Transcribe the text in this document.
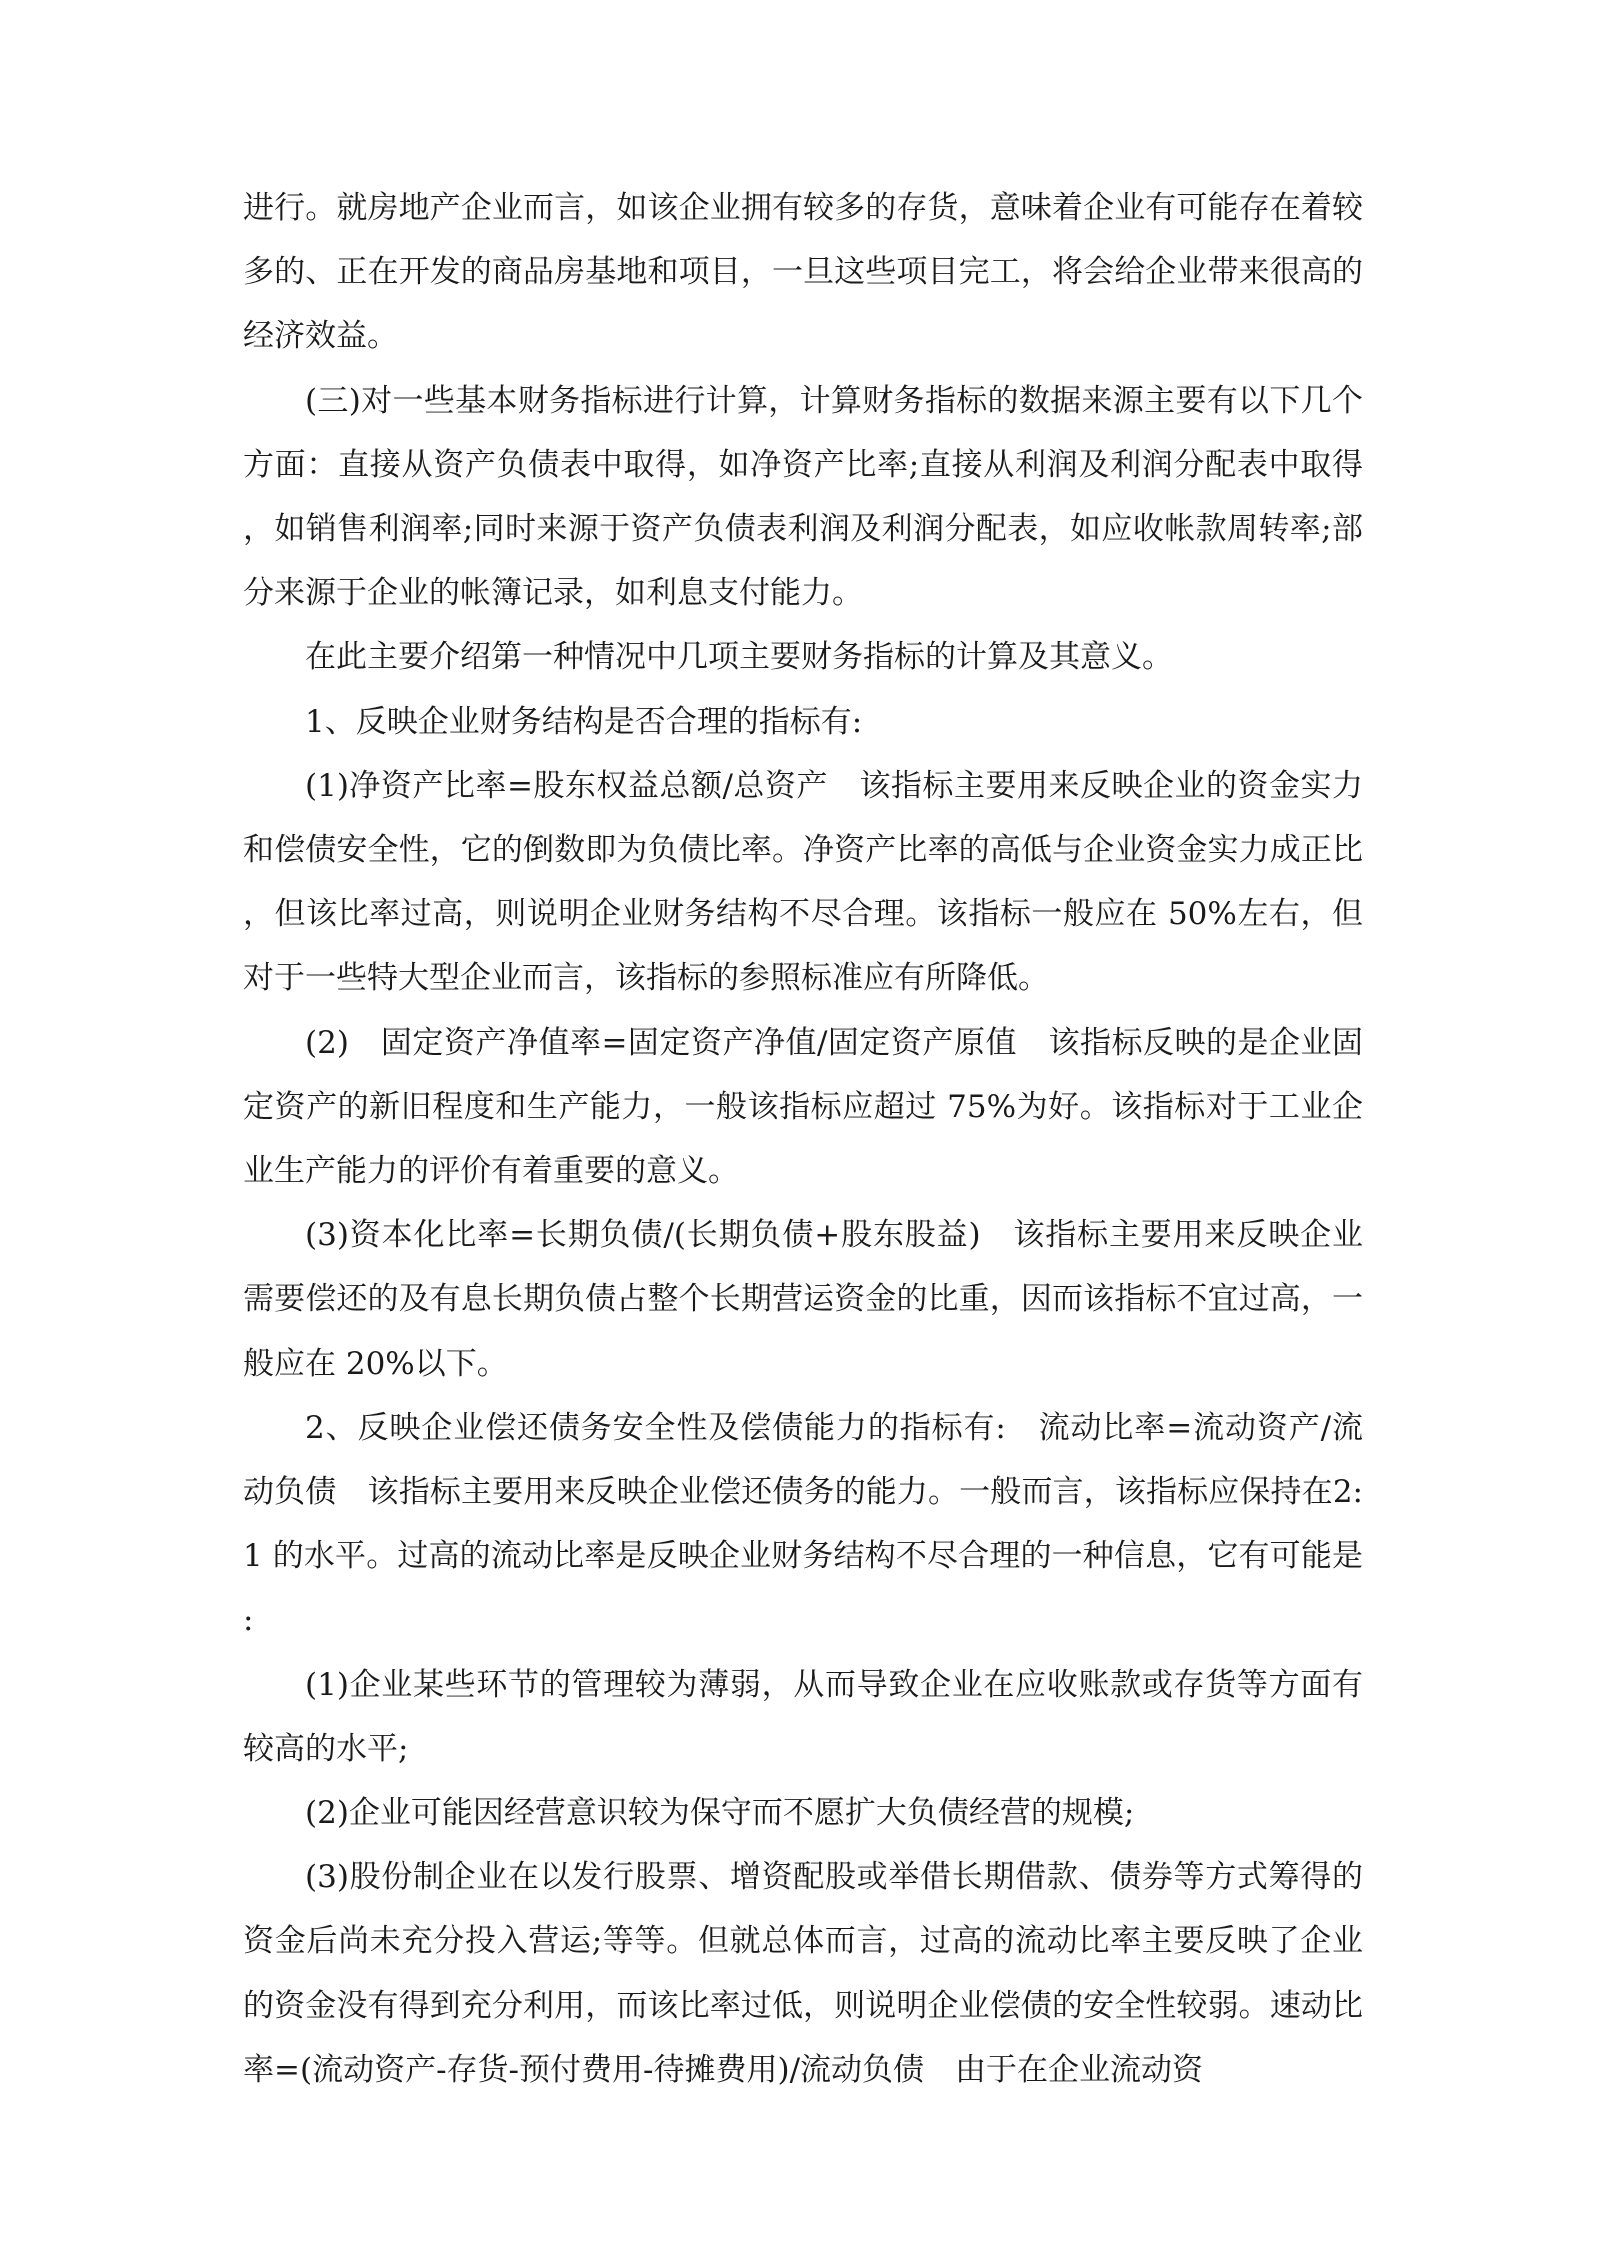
进行。就房地产企业而言，如该企业拥有较多的存货，意味着企业有可能存在着较多的、正在开发的商品房基地和项目，一旦这些项目完工，将会给企业带来很高的经济效益。

(三)对一些基本财务指标进行计算，计算财务指标的数据来源主要有以下几个方面：直接从资产负债表中取得，如净资产比率;直接从利润及利润分配表中取得，如销售利润率;同时来源于资产负债表利润及利润分配表，如应收帐款周转率;部分来源于企业的帐簿记录，如利息支付能力。

在此主要介绍第一种情况中几项主要财务指标的计算及其意义。

1、反映企业财务结构是否合理的指标有:

(1)净资产比率=股东权益总额/总资产　该指标主要用来反映企业的资金实力和偿债安全性，它的倒数即为负债比率。净资产比率的高低与企业资金实力成正比，但该比率过高，则说明企业财务结构不尽合理。该指标一般应在 50%左右，但对于一些特大型企业而言，该指标的参照标准应有所降低。

(2)　固定资产净值率=固定资产净值/固定资产原值　该指标反映的是企业固定资产的新旧程度和生产能力，一般该指标应超过 75%为好。该指标对于工业企业生产能力的评价有着重要的意义。

(3)资本化比率=长期负债/(长期负债+股东股益)　该指标主要用来反映企业需要偿还的及有息长期负债占整个长期营运资金的比重，因而该指标不宜过高，一般应在 20%以下。

2、反映企业偿还债务安全性及偿债能力的指标有:　流动比率=流动资产/流动负债　该指标主要用来反映企业偿还债务的能力。一般而言，该指标应保持在2:1 的水平。过高的流动比率是反映企业财务结构不尽合理的一种信息，它有可能是:

(1)企业某些环节的管理较为薄弱，从而导致企业在应收账款或存货等方面有较高的水平;

(2)企业可能因经营意识较为保守而不愿扩大负债经营的规模;

(3)股份制企业在以发行股票、增资配股或举借长期借款、债券等方式筹得的资金后尚未充分投入营运;等等。但就总体而言，过高的流动比率主要反映了企业的资金没有得到充分利用，而该比率过低，则说明企业偿债的安全性较弱。速动比率=(流动资产-存货-预付费用-待摊费用)/流动负债　由于在企业流动资
